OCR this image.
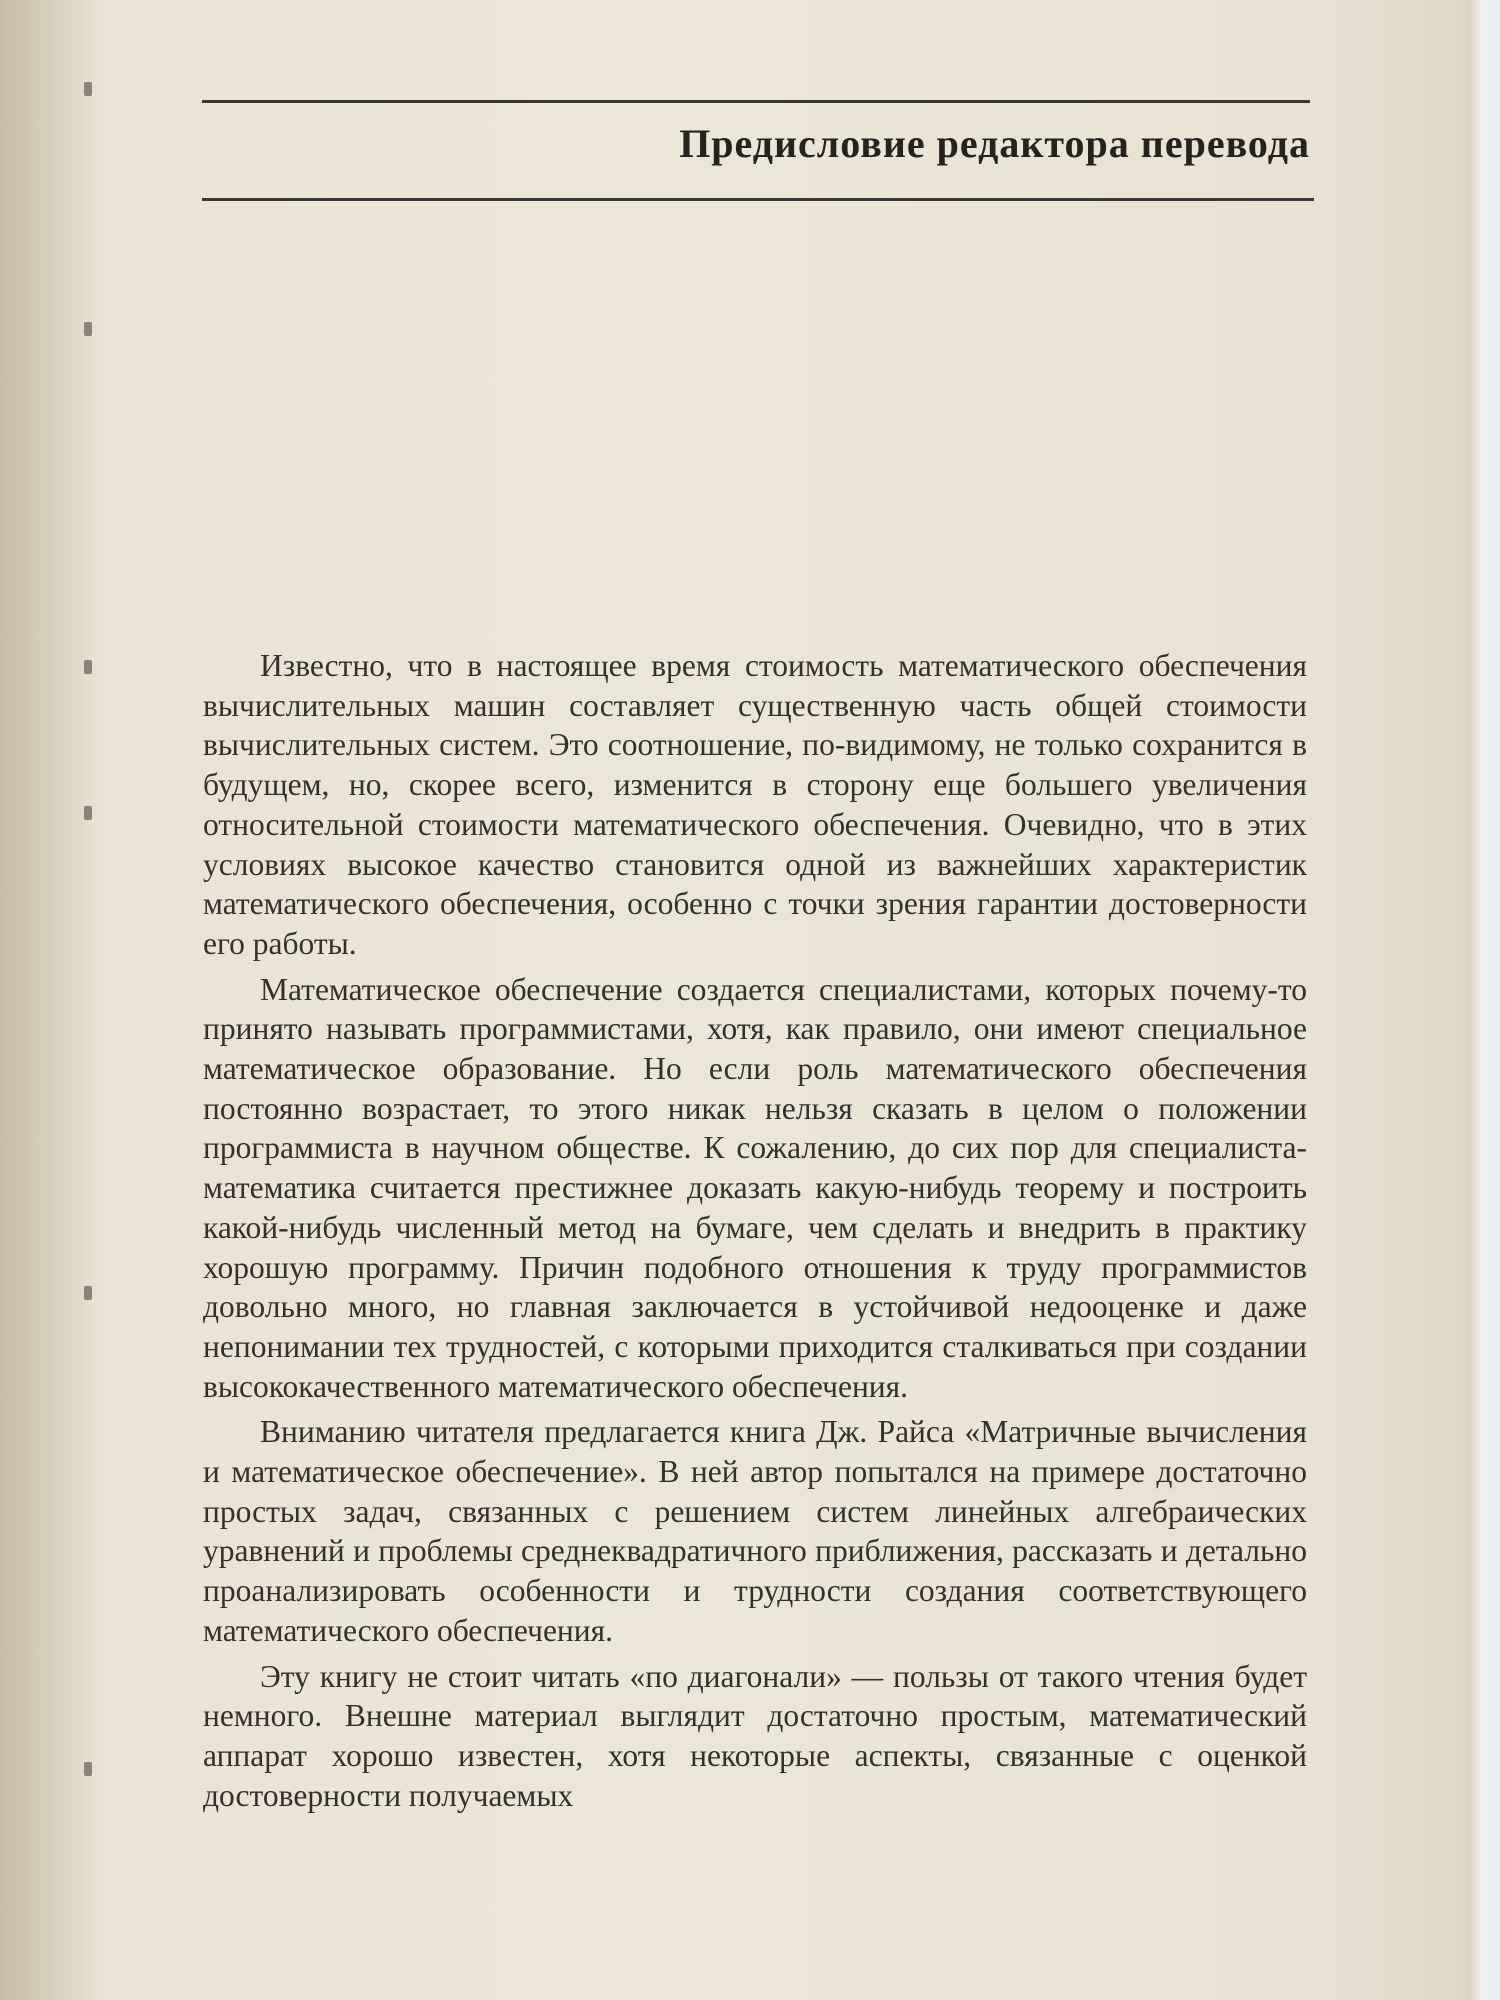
Предисловие редактора перевода

Известно, что в настоящее время стоимость математического обеспечения вычислительных машин составляет существенную часть общей стоимости вычислительных систем. Это соотношение, по-видимому, не только сохранится в будущем, но, скорее всего, изменится в сторону еще большего увеличения относительной стоимости математического обеспечения. Очевидно, что в этих условиях высокое качество становится одной из важнейших характеристик математического обеспечения, особенно с точки зрения гарантии достоверности его работы.

Математическое обеспечение создается специалистами, которых почему-то принято называть программистами, хотя, как правило, они имеют специальное математическое образование. Но если роль математического обеспечения постоянно возрастает, то этого никак нельзя сказать в целом о положении программиста в научном обществе. К сожалению, до сих пор для специалиста-математика считается престижнее доказать какую-нибудь теорему и построить какой-нибудь численный метод на бумаге, чем сделать и внедрить в практику хорошую программу. Причин подобного отношения к труду программистов довольно много, но главная заключается в устойчивой недооценке и даже непонимании тех трудностей, с которыми приходится сталкиваться при создании высококачественного математического обеспечения.

Вниманию читателя предлагается книга Дж. Райса «Матричные вычисления и математическое обеспечение». В ней автор попытался на примере достаточно простых задач, связанных с решением систем линейных алгебраических уравнений и проблемы среднеквадратичного приближения, рассказать и детально проанализировать особенности и трудности создания соответствующего математического обеспечения.

Эту книгу не стоит читать «по диагонали» — пользы от такого чтения будет немного. Внешне материал выглядит достаточно простым, математический аппарат хорошо известен, хотя некоторые аспекты, связанные с оценкой достоверности получаемых
